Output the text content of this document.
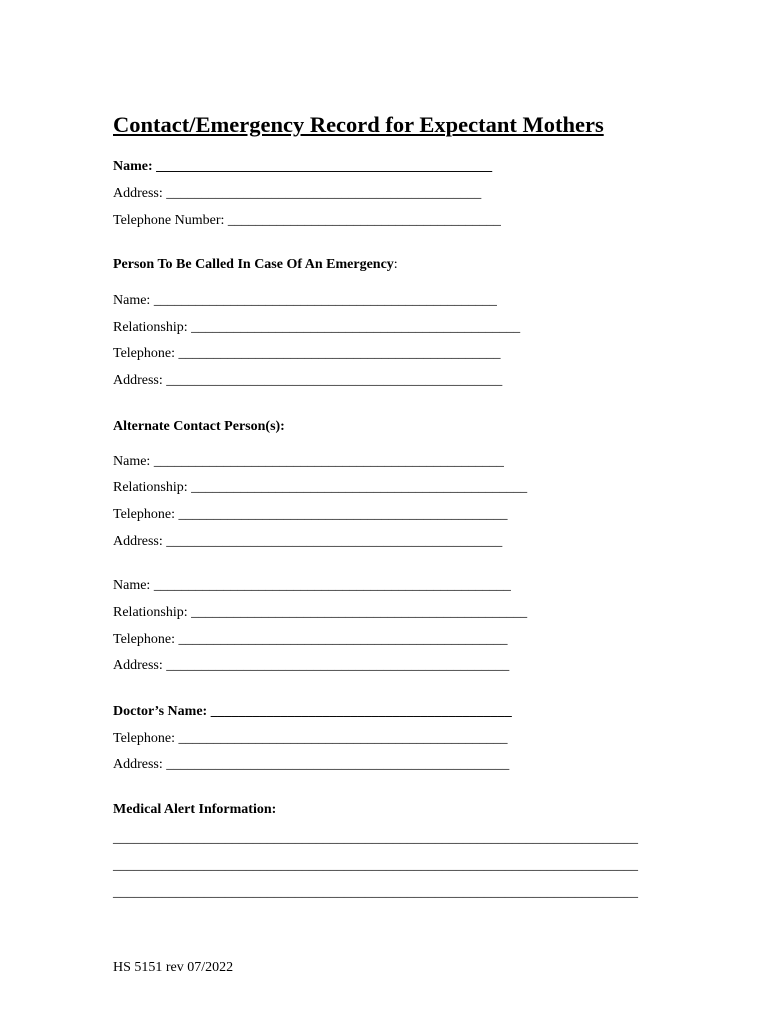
Contact/Emergency Record for Expectant Mothers
Name: ________________________________________________
Address: _____________________________________________
Telephone Number: _______________________________________
Person To Be Called In Case Of An Emergency:
Name: _________________________________________________
Relationship: _______________________________________________
Telephone: ______________________________________________
Address: ________________________________________________
Alternate Contact Person(s):
Name: __________________________________________________
Relationship: ________________________________________________
Telephone: _______________________________________________
Address: ________________________________________________
Name: ___________________________________________________
Relationship: ________________________________________________
Telephone: _______________________________________________
Address: _________________________________________________
Doctor’s Name: ___________________________________________
Telephone: _______________________________________________
Address: _________________________________________________
Medical Alert Information:
___________________________________________________________________________
___________________________________________________________________________
___________________________________________________________________________
HS 5151 rev 07/2022
